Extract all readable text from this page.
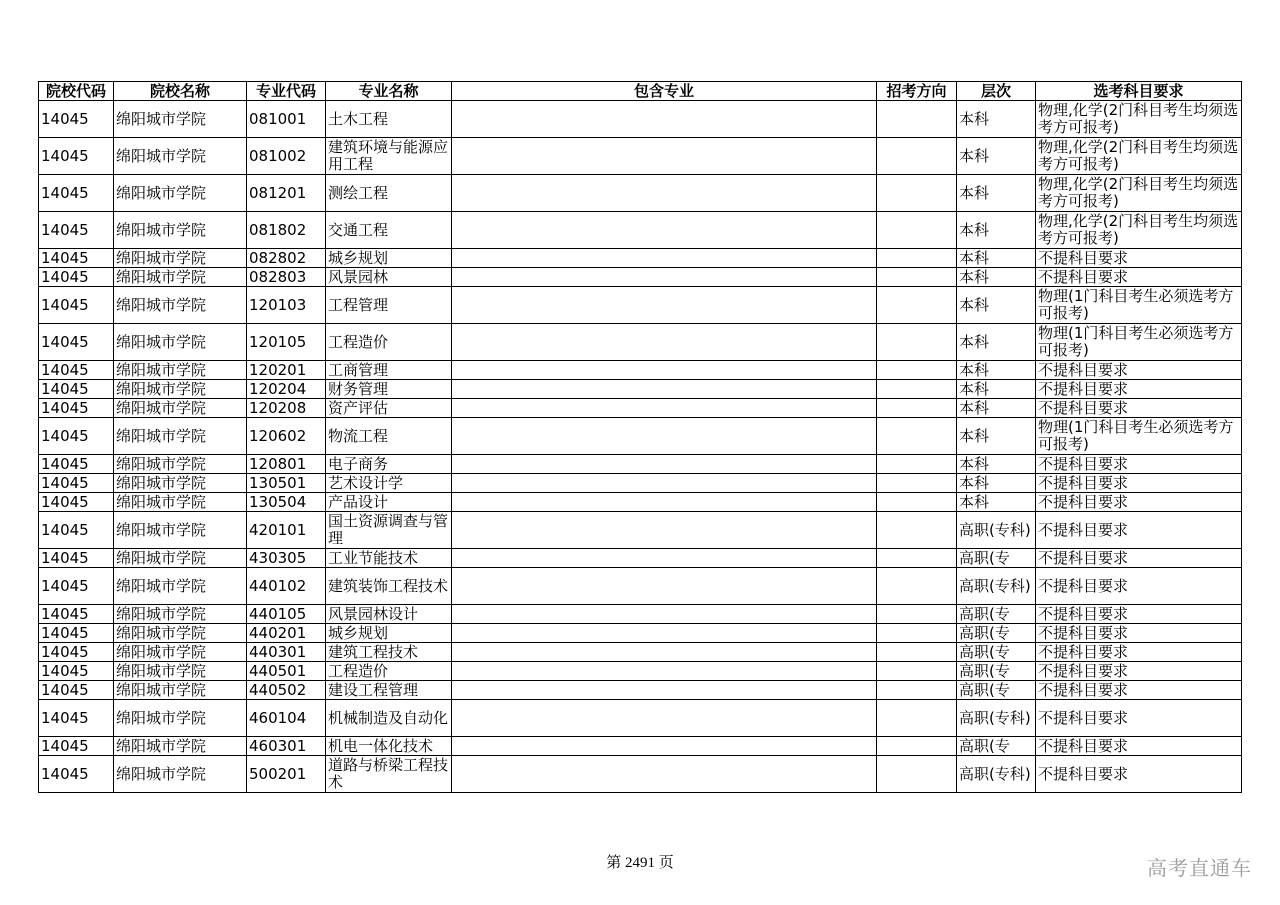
院校代码	院校名称	专业代码	专业名称	包含专业	招考方向	层次	选考科目要求
14045	绵阳城市学院	081001	土木工程			本科	物理,化学(2门科目考生均须选考方可报考)
14045	绵阳城市学院	081002	建筑环境与能源应用工程			本科	物理,化学(2门科目考生均须选考方可报考)
14045	绵阳城市学院	081201	测绘工程			本科	物理,化学(2门科目考生均须选考方可报考)
14045	绵阳城市学院	081802	交通工程			本科	物理,化学(2门科目考生均须选考方可报考)
14045	绵阳城市学院	082802	城乡规划			本科	不提科目要求
14045	绵阳城市学院	082803	风景园林			本科	不提科目要求
14045	绵阳城市学院	120103	工程管理			本科	物理(1门科目考生必须选考方可报考)
14045	绵阳城市学院	120105	工程造价			本科	物理(1门科目考生必须选考方可报考)
14045	绵阳城市学院	120201	工商管理			本科	不提科目要求
14045	绵阳城市学院	120204	财务管理			本科	不提科目要求
14045	绵阳城市学院	120208	资产评估			本科	不提科目要求
14045	绵阳城市学院	120602	物流工程			本科	物理(1门科目考生必须选考方可报考)
14045	绵阳城市学院	120801	电子商务			本科	不提科目要求
14045	绵阳城市学院	130501	艺术设计学			本科	不提科目要求
14045	绵阳城市学院	130504	产品设计			本科	不提科目要求
14045	绵阳城市学院	420101	国土资源调查与管理			高职(专科)	不提科目要求
14045	绵阳城市学院	430305	工业节能技术			高职(专	不提科目要求
14045	绵阳城市学院	440102	建筑装饰工程技术			高职(专科)	不提科目要求
14045	绵阳城市学院	440105	风景园林设计			高职(专	不提科目要求
14045	绵阳城市学院	440201	城乡规划			高职(专	不提科目要求
14045	绵阳城市学院	440301	建筑工程技术			高职(专	不提科目要求
14045	绵阳城市学院	440501	工程造价			高职(专	不提科目要求
14045	绵阳城市学院	440502	建设工程管理			高职(专	不提科目要求
14045	绵阳城市学院	460104	机械制造及自动化			高职(专科)	不提科目要求
14045	绵阳城市学院	460301	机电一体化技术			高职(专	不提科目要求
14045	绵阳城市学院	500201	道路与桥梁工程技术			高职(专科)	不提科目要求
第 2491 页	高考直通车
